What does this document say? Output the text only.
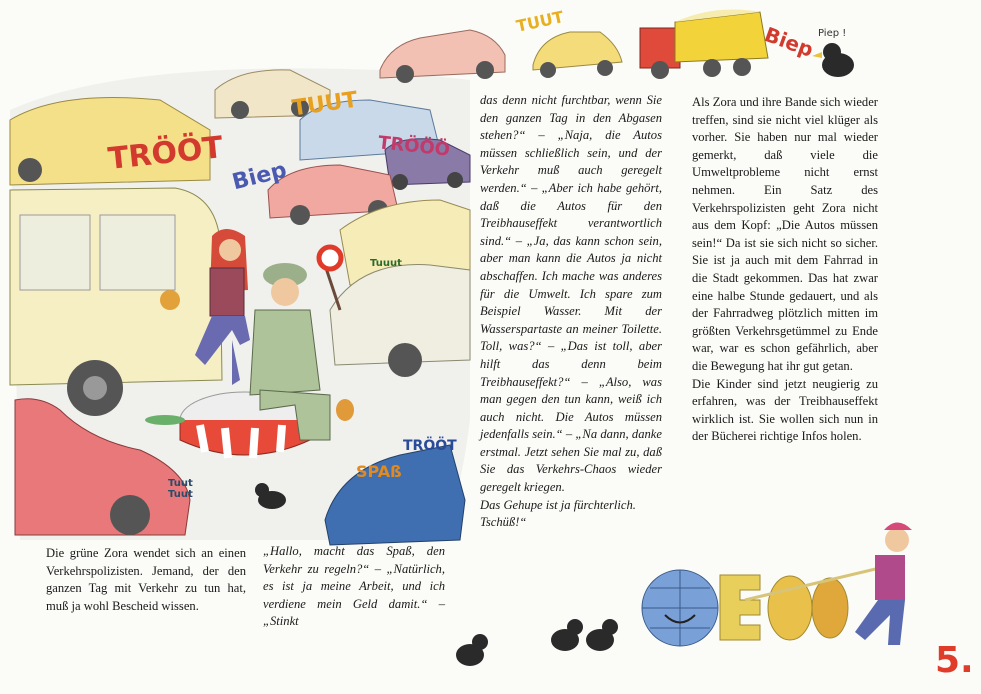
TRÖÖT
TUUT
TUUT
TRÖÖÖ
Biep
Biep
Tuuut
Piep !
TRÖÖT
SPAß
Tuut Tuut

Die grüne Zora wendet sich an einen Verkehrspolizisten. Jemand, der den ganzen Tag mit Verkehr zu tun hat, muß ja wohl Bescheid wissen.

„Hallo, macht das Spaß, den Verkehr zu regeln?“ – „Natürlich, es ist ja meine Arbeit, und ich verdiene mein Geld damit.“ – „Stinkt

das denn nicht furchtbar, wenn Sie den ganzen Tag in den Abgasen stehen?“ – „Naja, die Autos müssen schließlich sein, und der Verkehr muß auch geregelt werden.“ – „Aber ich habe gehört, daß die Autos für den Treibhauseffekt verantwortlich sind.“ – „Ja, das kann schon sein, aber man kann die Autos ja nicht abschaffen. Ich mache was anderes für die Umwelt. Ich spare zum Beispiel Wasser. Mit der Wasserspartaste an meiner Toilette. Toll, was?“ – „Das ist toll, aber hilft das denn beim Treibhauseffekt?“ – „Also, was man gegen den tun kann, weiß ich auch nicht. Die Autos müssen jedenfalls sein.“ – „Na dann, danke erstmal. Jetzt sehen Sie mal zu, daß Sie das Verkehrs-Chaos wieder geregelt kriegen.

Das Gehupe ist ja fürchterlich. Tschüß!“

Als Zora und ihre Bande sich wieder treffen, sind sie nicht viel klüger als vorher. Sie haben nur mal wieder gemerkt, daß viele die Umweltprobleme nicht ernst nehmen. Ein Satz des Verkehrspolizisten geht Zora nicht aus dem Kopf: „Die Autos müssen sein!“ Da ist sie sich nicht so sicher. Sie ist ja auch mit dem Fahrrad in die Stadt gekommen. Das hat zwar eine halbe Stunde gedauert, und als der Fahrradweg plötzlich mitten im größten Verkehrsgetümmel zu Ende war, war es schon gefährlich, aber die Bewegung hat ihr gut getan.

Die Kinder sind jetzt neugierig zu erfahren, was der Treibhauseffekt wirklich ist. Sie wollen sich nun in der Bücherei richtige Infos holen.

5.
